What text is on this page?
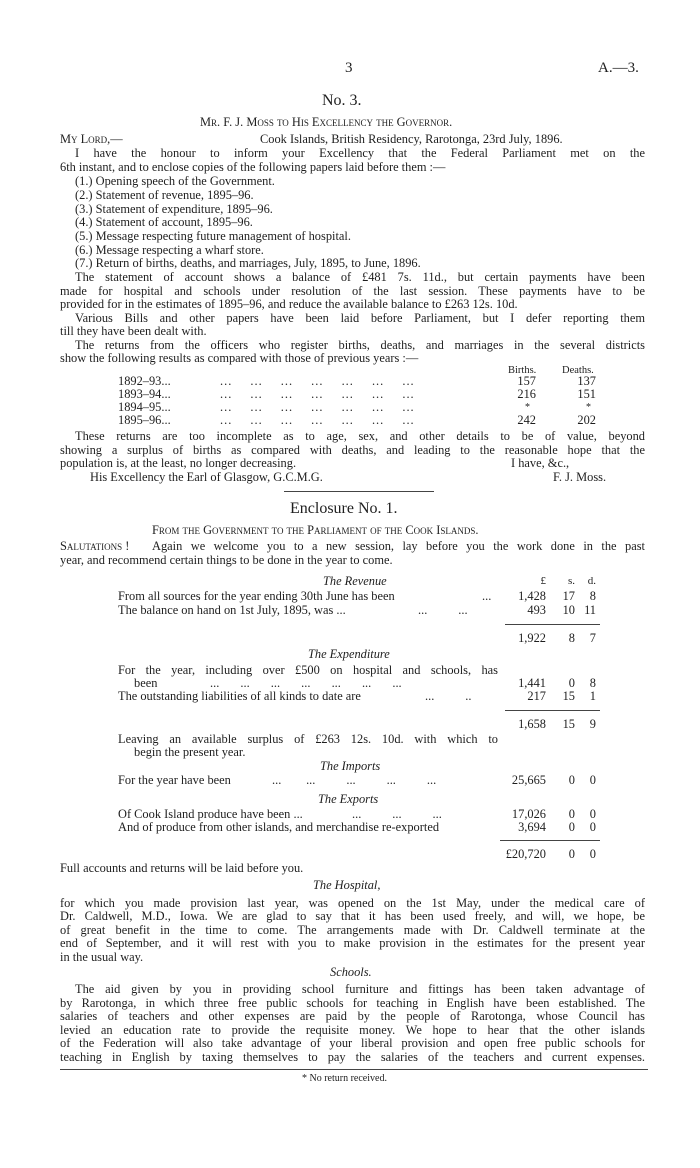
3	A.—3.
No. 3.
Mr. F. J. Moss to His Excellency the Governor.
My Lord,—	Cook Islands, British Residency, Rarotonga, 23rd July, 1896.
I have the honour to inform your Excellency that the Federal Parliament met on the
6th instant, and to enclose copies of the following papers laid before them :—
(1.) Opening speech of the Government.
(2.) Statement of revenue, 1895–96.
(3.) Statement of expenditure, 1895–96.
(4.) Statement of account, 1895–96.
(5.) Message respecting future management of hospital.
(6.) Message respecting a wharf store.
(7.) Return of births, deaths, and marriages, July, 1895, to June, 1896.
The statement of account shows a balance of £481 7s. 11d., but certain payments have been
made for hospital and schools under resolution of the last session. These payments have to be
provided for in the estimates of 1895–96, and reduce the available balance to £263 12s. 10d.
Various Bills and other papers have been laid before Parliament, but I defer reporting them
till they have been dealt with.
The returns from the officers who register births, deaths, and marriages in the several districts
show the following results as compared with those of previous years :—
Births. Deaths.
1892–93...	... ... ... ... ... ... ...	157	137
1893–94...	... ... ... ... ... ... ...	216	151
1894–95...	... ... ... ... ... ... ...	*	*
1895–96...	... ... ... ... ... ... ...	242	202
These returns are too incomplete as to age, sex, and other details to be of value, beyond
showing a surplus of births as compared with deaths, and leading to the reasonable hope that the
population is, at the least, no longer decreasing.	I have, &c.,
His Excellency the Earl of Glasgow, G.C.M.G.	F. J. Moss.
Enclosure No. 1.
From the Government to the Parliament of the Cook Islands.
Salutations ! Again we welcome you to a new session, lay before you the work done in the past
year, and recommend certain things to be done in the year to come.
£	s.	d.
The Revenue
From all sources for the year ending 30th June has been	...	1,428	17	8
The balance on hand on 1st July, 1895, was ...	...          ...	493	10 11
1,922	8	7
The Expenditure
For the year, including over £500 on hospital and schools, has
been	... ... ... ... ... ... ...	1,441	0	8
The outstanding liabilities of all kinds to date are	...          ..	217	15	1
1,658	15	9
Leaving an available surplus of £263 12s. 10d. with which to
begin the present year.
The Imports
For the year have been	...        ...          ...          ...          ...	25,665	0	0
The Exports
Of Cook Island produce have been ...	...          ...          ...	17,026	0	0
And of produce from other islands, and merchandise re-exported	3,694	0	0
£20,720	0	0
Full accounts and returns will be laid before you.
The Hospital,
for which you made provision last year, was opened on the 1st May, under the medical care of
Dr. Caldwell, M.D., Iowa. We are glad to say that it has been used freely, and will, we hope, be
of great benefit in the time to come. The arrangements made with Dr. Caldwell terminate at the
end of September, and it will rest with you to make provision in the estimates for the present year
in the usual way.
Schools.
The aid given by you in providing school furniture and fittings has been taken advantage of
by Rarotonga, in which three free public schools for teaching in English have been established. The
salaries of teachers and other expenses are paid by the people of Rarotonga, whose Council has
levied an education rate to provide the requisite money. We hope to hear that the other islands
of the Federation will also take advantage of your liberal provision and open free public schools for
teaching in English by taxing themselves to pay the salaries of the teachers and current expenses.
* No return received.
